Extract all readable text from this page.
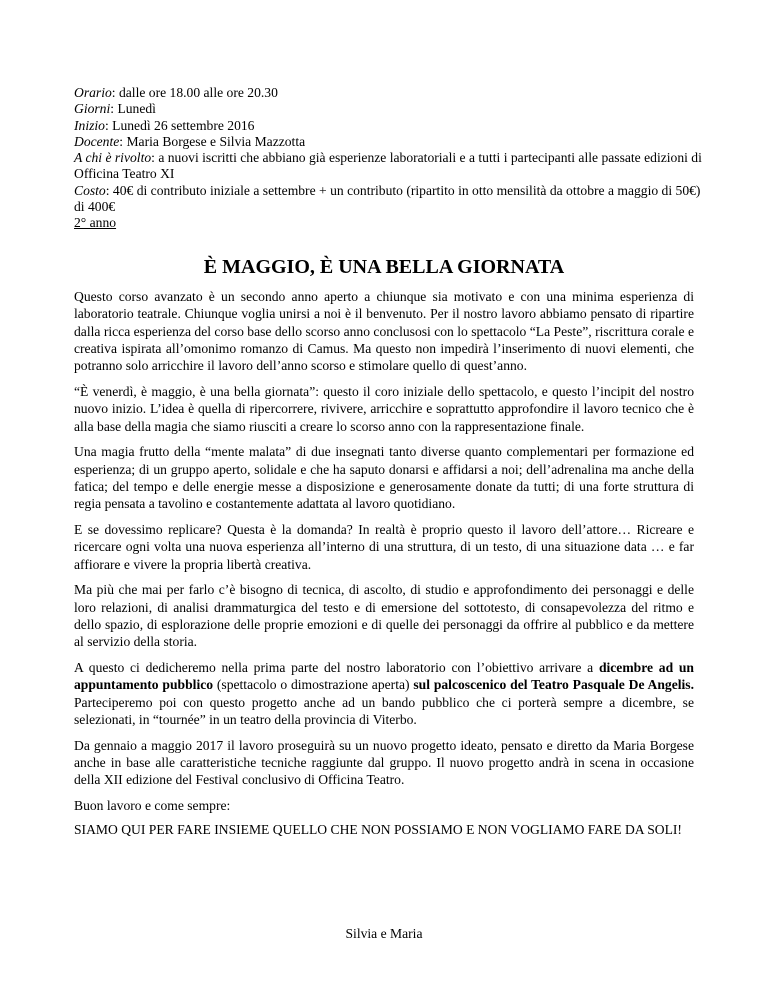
Orario: dalle ore 18.00 alle ore 20.30
Giorni: Lunedì
Inizio: Lunedì 26 settembre 2016
Docente: Maria Borgese e Silvia Mazzotta
A chi è rivolto: a nuovi iscritti che abbiano già esperienze laboratoriali e a tutti i partecipanti alle passate edizioni di Officina Teatro XI
Costo: 40€ di contributo iniziale a settembre + un contributo (ripartito in otto mensilità da ottobre a maggio di 50€) di 400€
2° anno
È MAGGIO, È UNA BELLA GIORNATA

Questo corso avanzato è un secondo anno aperto a chiunque sia motivato e con una minima esperienza di laboratorio teatrale. Chiunque voglia unirsi a noi è il benvenuto. Per il nostro lavoro abbiamo pensato di ripartire dalla ricca esperienza del corso base dello scorso anno conclusosi con lo spettacolo “La Peste”, riscrittura corale e creativa ispirata all’omonimo romanzo di Camus. Ma questo non impedirà l’inserimento di nuovi elementi, che potranno solo arricchire il lavoro dell’anno scorso e stimolare quello di quest’anno.

“È venerdì, è maggio, è una bella giornata”: questo il coro iniziale dello spettacolo, e questo l’incipit del nostro nuovo inizio. L’idea è quella di ripercorrere, rivivere, arricchire e soprattutto approfondire il lavoro tecnico che è alla base della magia che siamo riusciti a creare lo scorso anno con la rappresentazione finale.

Una magia frutto della “mente malata” di due insegnati tanto diverse quanto complementari per formazione ed esperienza; di un gruppo aperto, solidale e che ha saputo donarsi e affidarsi a noi; dell’adrenalina ma anche della fatica; del tempo e delle energie messe a disposizione e generosamente donate da tutti; di una forte struttura di regia pensata a tavolino e costantemente adattata al lavoro quotidiano.

E se dovessimo replicare? Questa è la domanda? In realtà è proprio questo il lavoro dell’attore… Ricreare e ricercare ogni volta una nuova esperienza all’interno di una struttura, di un testo, di una situazione data … e far affiorare e vivere la propria libertà creativa.

Ma più che mai per farlo c’è bisogno di tecnica, di ascolto, di studio e approfondimento dei personaggi e delle loro relazioni, di analisi drammaturgica del testo e di emersione del sottotesto, di consapevolezza del ritmo e dello spazio, di esplorazione delle proprie emozioni e di quelle dei personaggi da offrire al pubblico e da mettere al servizio della storia.

A questo ci dedicheremo nella prima parte del nostro laboratorio con l’obiettivo arrivare a dicembre ad un appuntamento pubblico (spettacolo o dimostrazione aperta) sul palcoscenico del Teatro Pasquale De Angelis. Parteciperemo poi con questo progetto anche ad un bando pubblico che ci porterà sempre a dicembre, se selezionati, in “tournée” in un teatro della provincia di Viterbo.

Da gennaio a maggio 2017 il lavoro proseguirà su un nuovo progetto ideato, pensato e diretto da Maria Borgese anche in base alle caratteristiche tecniche raggiunte dal gruppo. Il nuovo progetto andrà in scena in occasione della XII edizione del Festival conclusivo di Officina Teatro.

Buon lavoro e come sempre:

SIAMO QUI PER FARE INSIEME QUELLO CHE NON POSSIAMO E NON VOGLIAMO FARE DA SOLI!

Silvia e Maria
